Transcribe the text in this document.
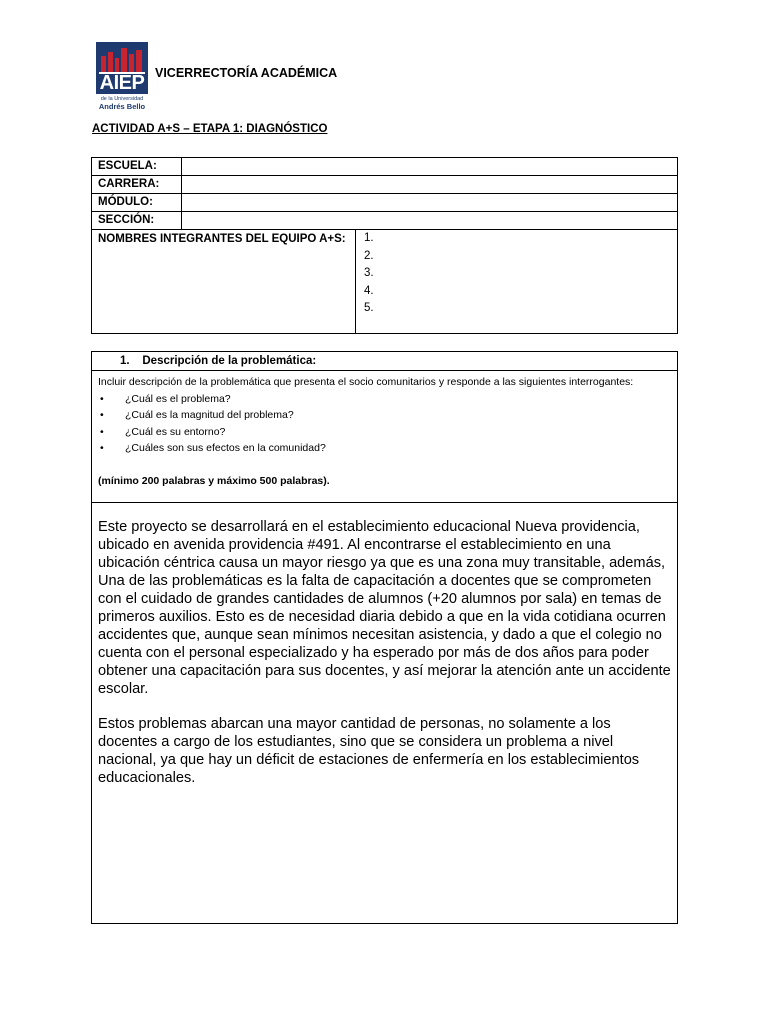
AIEP
de la Universidad
Andrés Bello
VICERRECTORÍA ACADÉMICA
ACTIVIDAD A+S – ETAPA 1: DIAGNÓSTICO
ESCUELA:		
CARRERA:		
MÓDULO:		
SECCIÓN:		
NOMBRES INTEGRANTES DEL EQUIPO A+S:		1.
2.
3.
4.
5.
1. Descripción de la problemática:
Incluir descripción de la problemática que presenta el socio comunitarios y responde a las siguientes interrogantes:
• ¿Cuál es el problema?
• ¿Cuál es la magnitud del problema?
• ¿Cuál es su entorno?
• ¿Cuáles son sus efectos en la comunidad?
(mínimo 200 palabras y máximo 500 palabras).

Este proyecto se desarrollará en el establecimiento educacional Nueva providencia, ubicado en avenida providencia #491. Al encontrarse el establecimiento en una ubicación céntrica causa un mayor riesgo ya que es una zona muy transitable, además, Una de las problemáticas es la falta de capacitación a docentes que se comprometen con el cuidado de grandes cantidades de alumnos (+20 alumnos por sala) en temas de primeros auxilios. Esto es de necesidad diaria debido a que en la vida cotidiana ocurren accidentes que, aunque sean mínimos necesitan asistencia, y dado a que el colegio no cuenta con el personal especializado y ha esperado por más de dos años para poder obtener una capacitación para sus docentes, y así mejorar la atención ante un accidente escolar.

Estos problemas abarcan una mayor cantidad de personas, no solamente a los docentes a cargo de los estudiantes, sino que se considera un problema a nivel nacional, ya que hay un déficit de estaciones de enfermería en los establecimientos educacionales.
